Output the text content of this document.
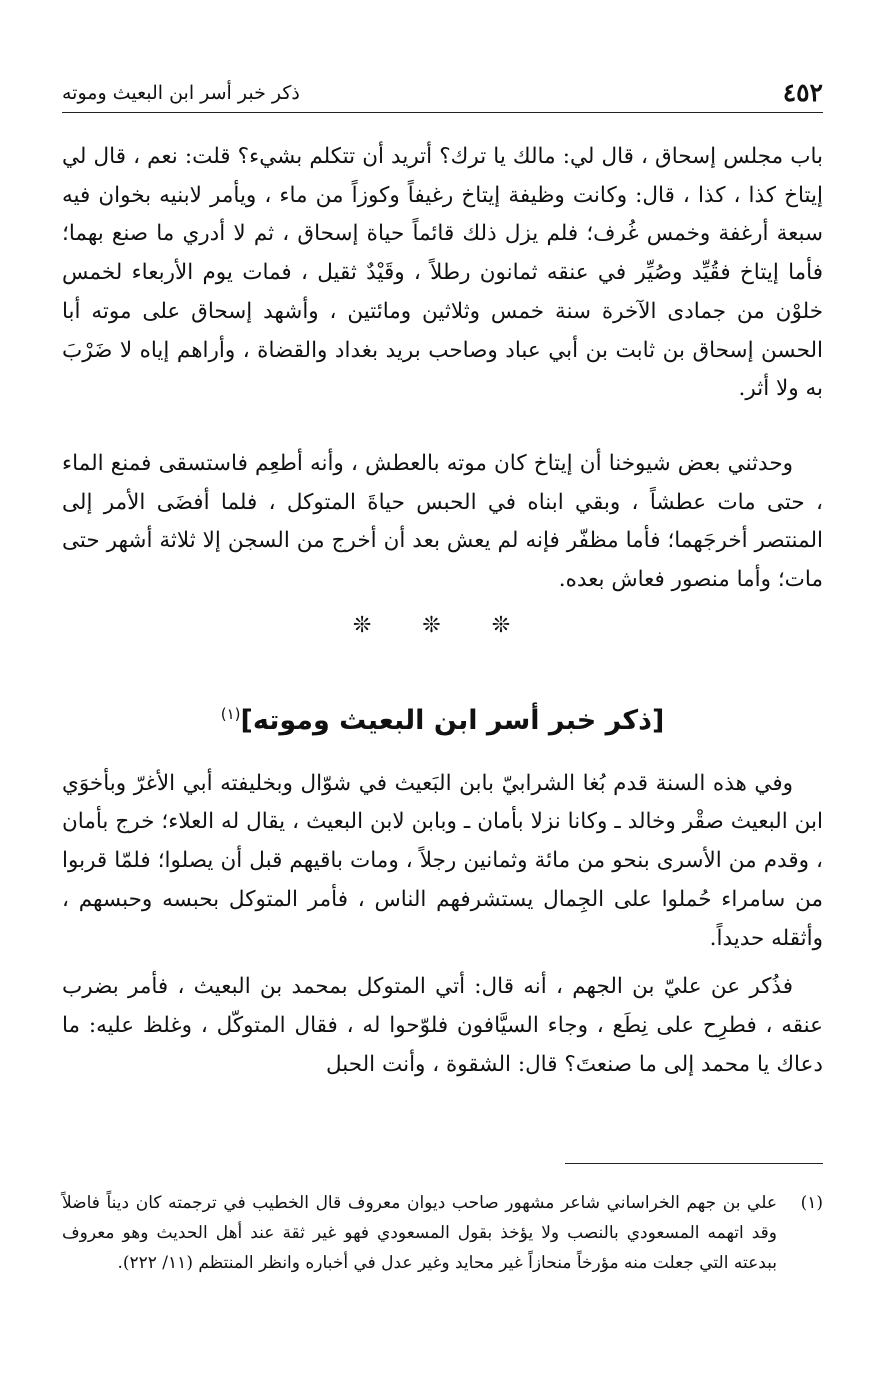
٤٥٢
ذكر خبر أسر ابن البعيث وموته

باب مجلس إسحاق ، قال لي: مالك يا ترك؟ أتريد أن تتكلم بشيء؟ قلت: نعم ، قال لي إيتاخ كذا ، كذا ، قال: وكانت وظيفة إيتاخ رغيفاً وكوزاً من ماء ، ويأمر لابنيه بخوان فيه سبعة أرغفة وخمس غُرف؛ فلم يزل ذلك قائماً حياة إسحاق ، ثم لا أدري ما صنع بهما؛ فأما إيتاخ فقُيِّد وصُيِّر في عنقه ثمانون رطلاً ، وقَيْدٌ ثقيل ، فمات يوم الأربعاء لخمس خلوْن من جمادى الآخرة سنة خمس وثلاثين ومائتين ، وأشهد إسحاق على موته أبا الحسن إسحاق بن ثابت بن أبي عباد وصاحب بريد بغداد والقضاة ، وأراهم إياه لا ضَرْبَ به ولا أثر.

وحدثني بعض شيوخنا أن إيتاخ كان موته بالعطش ، وأنه أطعِم فاستسقى فمنع الماء ، حتى مات عطشاً ، وبقي ابناه في الحبس حياةَ المتوكل ، فلما أفضَى الأمر إلى المنتصر أخرجَهما؛ فأما مظفّر فإنه لم يعش بعد أن أخرج من السجن إلا ثلاثة أشهر حتى مات؛ وأما منصور فعاش بعده.

❊ ❊ ❊
[ذكر خبر أسر ابن البعيث وموته]$^{(١)}$

وفي هذه السنة قدم بُغا الشرابيّ بابن البَعيث في شوّال وبخليفته أبي الأغرّ وبأخوَي ابن البعيث صقْر وخالد ـ وكانا نزلا بأمان ـ وبابن لابن البعيث ، يقال له العلاء؛ خرج بأمان ، وقدم من الأسرى بنحو من مائة وثمانين رجلاً ، ومات باقيهم قبل أن يصلوا؛ فلمّا قربوا من سامراء حُملوا على الجِمال يستشرفهم الناس ، فأمر المتوكل بحبسه وحبسهم ، وأثقله حديداً.

فذُكر عن عليّ بن الجهم ، أنه قال: أتي المتوكل بمحمد بن البعيث ، فأمر بضرب عنقه ، فطرِح على نِطَع ، وجاء السيَّافون فلوّحوا له ، فقال المتوكّل ، وغلظ عليه: ما دعاك يا محمد إلى ما صنعتَ؟ قال: الشقوة ، وأنت الحبل

(١)
علي بن جهم الخراساني شاعر مشهور صاحب ديوان معروف قال الخطيب في ترجمته كان ديناً فاضلاً وقد اتهمه المسعودي بالنصب ولا يؤخذ بقول المسعودي فهو غير ثقة عند أهل الحديث وهو معروف ببدعته التي جعلت منه مؤرخاً منحازاً غير محايد وغير عدل في أخباره وانظر المنتظم (١١/ ٢٢٢).
